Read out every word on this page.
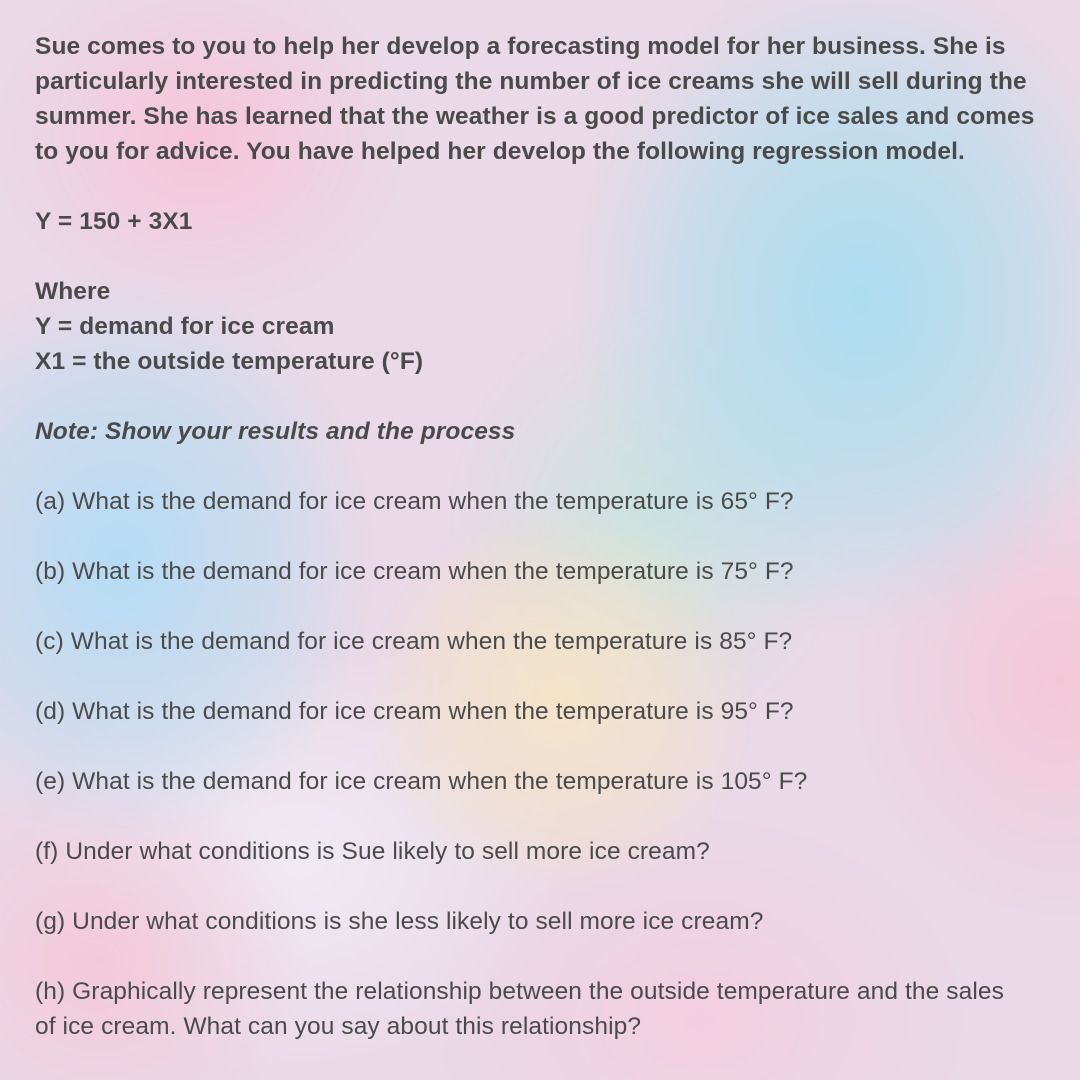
Sue comes to you to help her develop a forecasting model for her business. She is
particularly interested in predicting the number of ice creams she will sell during the
summer. She has learned that the weather is a good predictor of ice sales and comes
to you for advice. You have helped her develop the following regression model.

Y = 150 + 3X1

Where

Y = demand for ice cream

X1 = the outside temperature (°F)

Note: Show your results and the process

(a) What is the demand for ice cream when the temperature is 65° F?

(b) What is the demand for ice cream when the temperature is 75° F?

(c) What is the demand for ice cream when the temperature is 85° F?

(d) What is the demand for ice cream when the temperature is 95° F?

(e) What is the demand for ice cream when the temperature is 105° F?

(f) Under what conditions is Sue likely to sell more ice cream?

(g) Under what conditions is she less likely to sell more ice cream?

(h) Graphically represent the relationship between the outside temperature and the sales

of ice cream. What can you say about this relationship?
